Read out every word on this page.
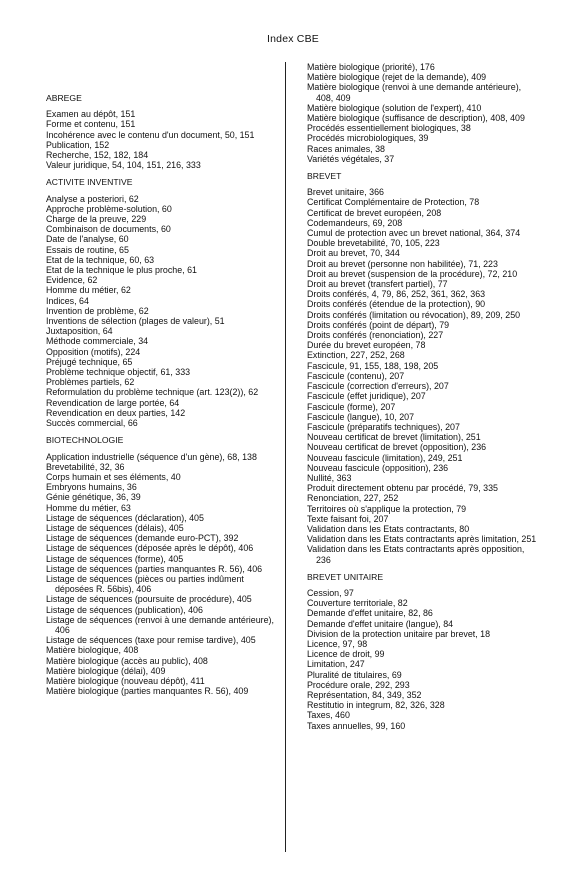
Index CBE
ABREGE
Examen au dépôt, 151
Forme et contenu, 151
Incohérence avec le contenu d'un document, 50, 151
Publication, 152
Recherche, 152, 182, 184
Valeur juridique, 54, 104, 151, 216, 333
ACTIVITE INVENTIVE
Analyse a posteriori, 62
Approche problème-solution, 60
Charge de la preuve, 229
Combinaison de documents, 60
Date de l'analyse, 60
Essais de routine, 65
Etat de la technique, 60, 63
Etat de la technique le plus proche, 61
Evidence, 62
Homme du métier, 62
Indices, 64
Invention de problème, 62
Inventions de sélection (plages de valeur), 51
Juxtaposition, 64
Méthode commerciale, 34
Opposition (motifs), 224
Préjugé technique, 65
Problème technique objectif, 61, 333
Problèmes partiels, 62
Reformulation du problème technique (art. 123(2)), 62
Revendication de large portée, 64
Revendication en deux parties, 142
Succès commercial, 66
BIOTECHNOLOGIE
Application industrielle (séquence d'un gène), 68, 138
Brevetabilité, 32, 36
Corps humain et ses éléments, 40
Embryons humains, 36
Génie génétique, 36, 39
Homme du métier, 63
Listage de séquences (déclaration), 405
Listage de séquences (délais), 405
Listage de séquences (demande euro-PCT), 392
Listage de séquences (déposée après le dépôt), 406
Listage de séquences (forme), 405
Listage de séquences (parties manquantes R. 56), 406
Listage de séquences (pièces ou parties indûment déposées R. 56bis), 406
Listage de séquences (poursuite de procédure), 405
Listage de séquences (publication), 406
Listage de séquences (renvoi à une demande antérieure), 406
Listage de séquences (taxe pour remise tardive), 405
Matière biologique, 408
Matière biologique (accès au public), 408
Matière biologique (délai), 409
Matière biologique (nouveau dépôt), 411
Matière biologique (parties manquantes R. 56), 409
Matière biologique (priorité), 176
Matière biologique (rejet de la demande), 409
Matière biologique (renvoi à une demande antérieure), 408, 409
Matière biologique (solution de l'expert), 410
Matière biologique (suffisance de description), 408, 409
Procédés essentiellement biologiques, 38
Procédés microbiologiques, 39
Races animales, 38
Variétés végétales, 37
BREVET
Brevet unitaire, 366
Certificat Complémentaire de Protection, 78
Certificat de brevet européen, 208
Codemandeurs, 69, 208
Cumul de protection avec un brevet national, 364, 374
Double brevetabilité, 70, 105, 223
Droit au brevet, 70, 344
Droit au brevet (personne non habilitée), 71, 223
Droit au brevet (suspension de la procédure), 72, 210
Droit au brevet (transfert partiel), 77
Droits conférés, 4, 79, 86, 252, 361, 362, 363
Droits conférés (étendue de la protection), 90
Droits conférés (limitation ou révocation), 89, 209, 250
Droits conférés (point de départ), 79
Droits conférés (renonciation), 227
Durée du brevet européen, 78
Extinction, 227, 252, 268
Fascicule, 91, 155, 188, 198, 205
Fascicule (contenu), 207
Fascicule (correction d'erreurs), 207
Fascicule (effet juridique), 207
Fascicule (forme), 207
Fascicule (langue), 10, 207
Fascicule (préparatifs techniques), 207
Nouveau certificat de brevet (limitation), 251
Nouveau certificat de brevet (opposition), 236
Nouveau fascicule (limitation), 249, 251
Nouveau fascicule (opposition), 236
Nullité, 363
Produit directement obtenu par procédé, 79, 335
Renonciation, 227, 252
Territoires où s'applique la protection, 79
Texte faisant foi, 207
Validation dans les Etats contractants, 80
Validation dans les Etats contractants après limitation, 251
Validation dans les Etats contractants après opposition, 236
BREVET UNITAIRE
Cession, 97
Couverture territoriale, 82
Demande d'effet unitaire, 82, 86
Demande d'effet unitaire (langue), 84
Division de la protection unitaire par brevet, 18
Licence, 97, 98
Licence de droit, 99
Limitation, 247
Pluralité de titulaires, 69
Procédure orale, 292, 293
Représentation, 84, 349, 352
Restitutio in integrum, 82, 326, 328
Taxes, 460
Taxes annuelles, 99, 160
